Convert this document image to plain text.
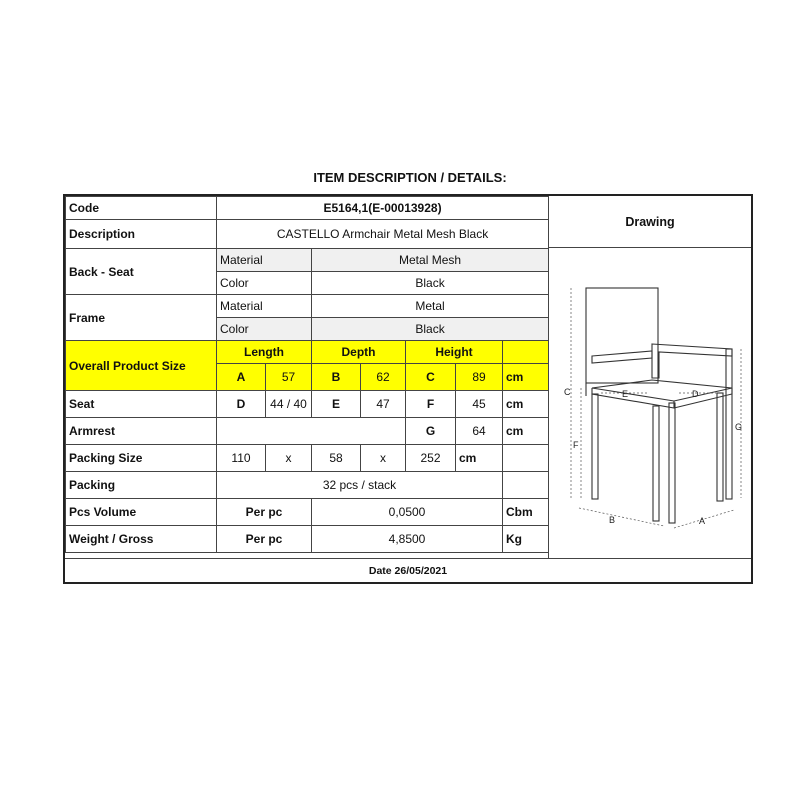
ITEM DESCRIPTION / DETAILS:
Code	E5164,1(E-00013928)						
Description	CASTELLO Armchair Metal Mesh Black						
Back - Seat	Material		Metal Mesh				
	Color		Black				
Frame	Material		Metal				
	Color		Black				
Overall Product Size	Length		Depth		Height		
	A	57	B	62	C	89	cm
Seat	D	44 / 40	E	47	F	45	cm
Armrest					G	64	cm
Packing Size	110	x	58	x	252	cm	
Packing	32 pcs / stack						
Pcs Volume	Per pc		0,0500				Cbm
Weight / Gross	Per pc		4,8500				Kg
Drawing
C	E	D
F
G
B	A
Date 26/05/2021
